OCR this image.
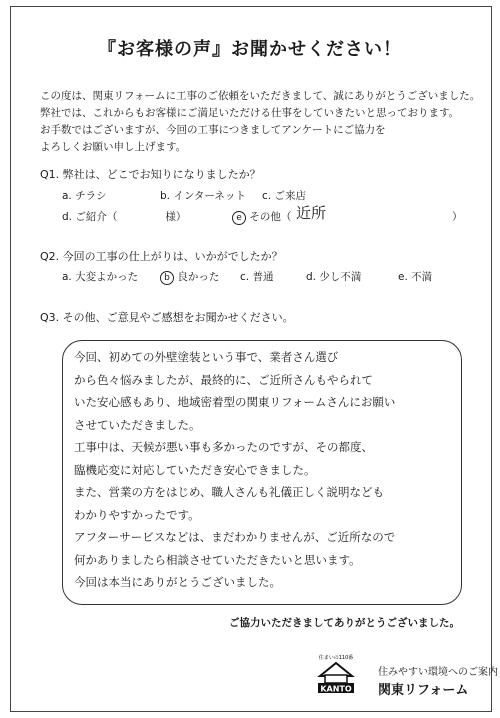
『お客様の声』お聞かせください！
この度は、関東リフォームに工事のご依頼をいただきまして、誠にありがとうございました。
弊社では、これからもお客様にご満足いただける仕事をしていきたいと思っております。
お手数ではございますが、今回の工事につきましてアンケートにご協力を
よろしくお願い申し上げます。
Q1. 弊社は、どこでお知りになりましたか？
a. チラシ	b. インターネット c. ご来店
d. ご紹介（	様）	e その他（ 近所	）
Q2. 今回の工事の仕上がりは、いかがでしたか？
a. 大変よかった	b 良かった c. 普通	d. 少し不満	e. 不満
Q3. その他、ご意見やご感想をお聞かせください。
今回、初めての外壁塗装という事で、業者さん選び
から色々悩みましたが、最終的に、ご近所さんもやられて
いた安心感もあり、地域密着型の関東リフォームさんにお願い
させていただきました。
工事中は、天候が悪い事も多かったのですが、その都度、
臨機応変に対応していただき安心できました。
また、営業の方をはじめ、職人さんも礼儀正しく説明なども
わかりやすかったです。
アフターサービスなどは、まだわかりませんが、ご近所なので
何かありましたら相談させていただきたいと思います。
今回は本当にありがとうございました。
ご協力いただきましてありがとうございました。
住まいの110番
KANTO
住みやすい環境へのご案内
関東リフォーム
